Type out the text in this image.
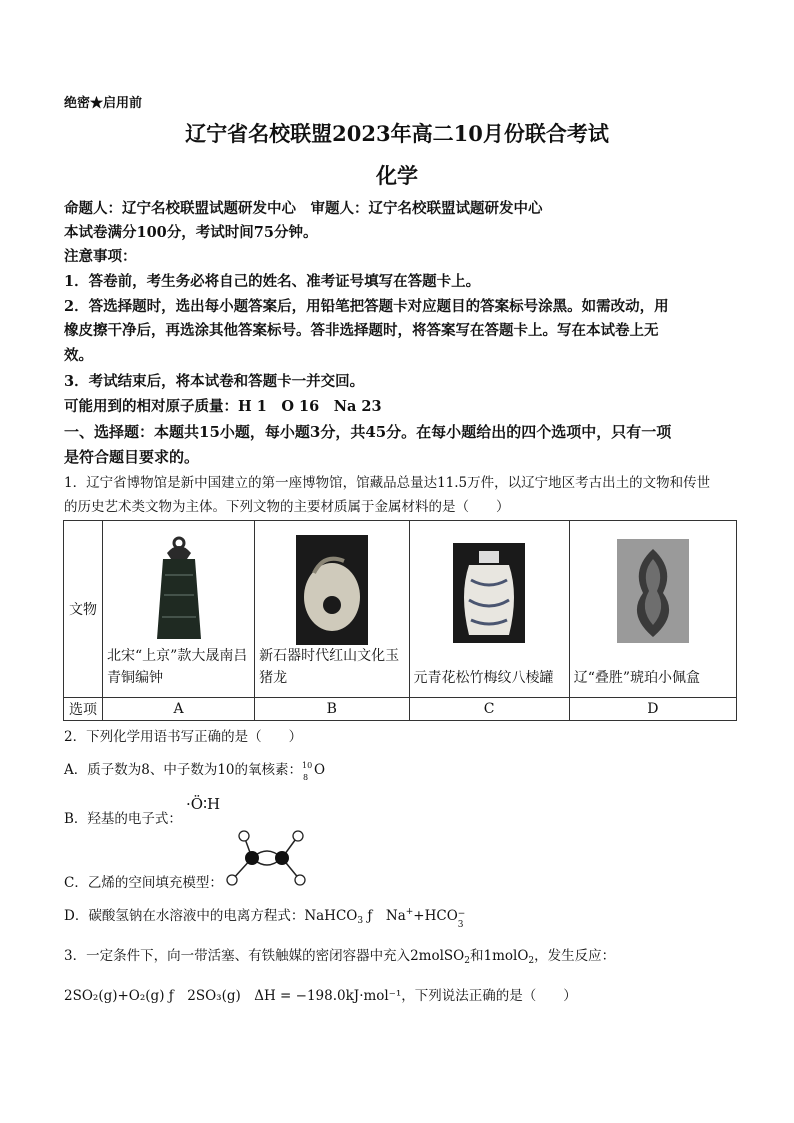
绝密★启用前
辽宁省名校联盟2023年高二10月份联合考试
化学
命题人：辽宁名校联盟试题研发中心　审题人：辽宁名校联盟试题研发中心
本试卷满分100分，考试时间75分钟。
注意事项：
1．答卷前，考生务必将自己的姓名、准考证号填写在答题卡上。
2．答选择题时，选出每小题答案后，用铅笔把答题卡对应题目的答案标号涂黑。如需改动，用
橡皮擦干净后，再选涂其他答案标号。答非选择题时，将答案写在答题卡上。写在本试卷上无
效。
3．考试结束后，将本试卷和答题卡一并交回。
可能用到的相对原子质量：H 1　O 16　Na 23
一、选择题：本题共15小题，每小题3分，共45分。在每小题给出的四个选项中，只有一项
是符合题目要求的。
1．辽宁省博物馆是新中国建立的第一座博物馆，馆藏品总量达11.5万件，以辽宁地区考古出土的文物和传世
的历史艺术类文物为主体。下列文物的主要材质属于金属材料的是（　　）
文物	北宋“上京”款大晟南吕青铜编钟	新石器时代红山文化玉猪龙	元青花松竹梅纹八棱罐	辽“叠胜”琥珀小佩盒

选项	A	B	C	D
2．下列化学用语书写正确的是（　　）
A．质子数为8、中子数为10的氧核素： 10
8 O
B．羟基的电子式：
·Ö∶H
C．乙烯的空间填充模型：
D．碳酸氢钠在水溶液中的电离方程式：NaHCO$_3$ ƒ　Na++HCO −
3
3．一定条件下，向一带活塞、有铁触媒的密闭容器中充入2molSO$_2$和1molO$_2$，发生反应：
2SO₂(g)+O₂(g) ƒ　2SO₃(g)　ΔH = −198.0kJ·mol⁻¹，下列说法正确的是（　　）
